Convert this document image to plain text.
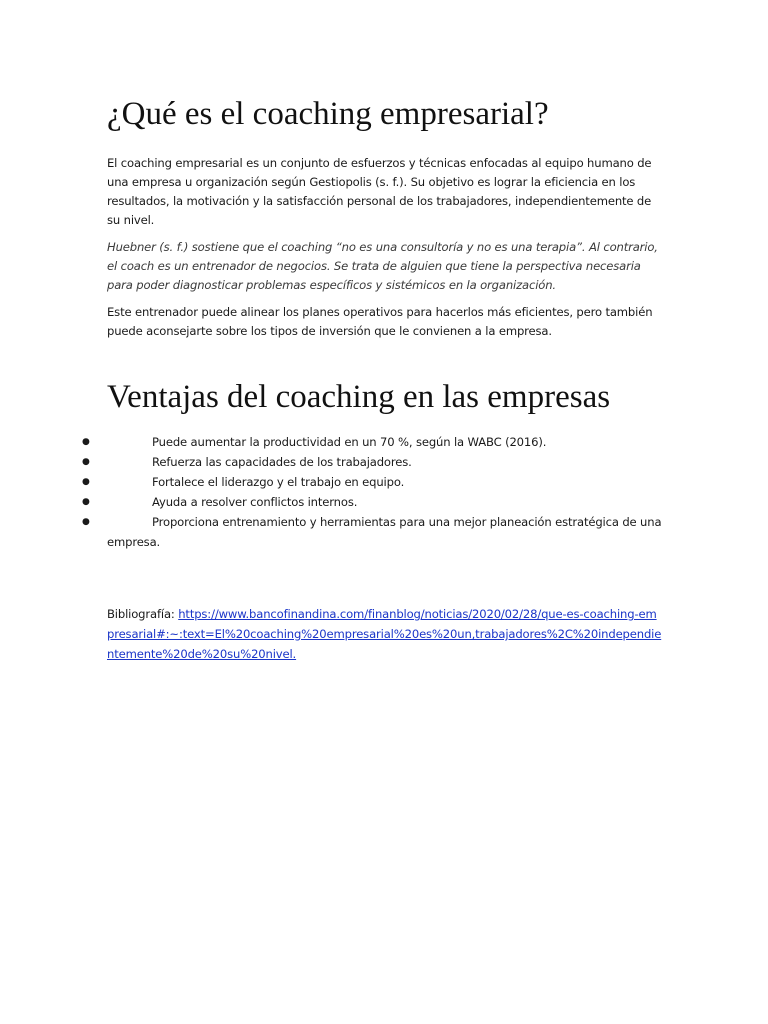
¿Qué es el coaching empresarial?

El coaching empresarial es un conjunto de esfuerzos y técnicas enfocadas al equipo humano de una empresa u organización según Gestiopolis (s. f.). Su objetivo es lograr la eficiencia en los resultados, la motivación y la satisfacción personal de los trabajadores, independientemente de su nivel.

Huebner (s. f.) sostiene que el coaching “no es una consultoría y no es una terapia”. Al contrario, el coach es un entrenador de negocios. Se trata de alguien que tiene la perspectiva necesaria para poder diagnosticar problemas específicos y sistémicos en la organización.

Este entrenador puede alinear los planes operativos para hacerlos más eficientes, pero también puede aconsejarte sobre los tipos de inversión que le convienen a la empresa.

Ventajas del coaching en las empresas
●	Puede aumentar la productividad en un 70 %, según la WABC (2016).
●	Refuerza las capacidades de los trabajadores.
●	Fortalece el liderazgo y el trabajo en equipo.
●	Ayuda a resolver conflictos internos.
●	Proporciona entrenamiento y herramientas para una mejor planeación estratégica de una empresa.
Bibliografía: https://www.bancofinandina.com/finanblog/noticias/2020/02/28/que-es-coaching-empresarial#:~:text=El%20coaching%20empresarial%20es%20un,trabajadores%2C%20independientemente%20de%20su%20nivel.
